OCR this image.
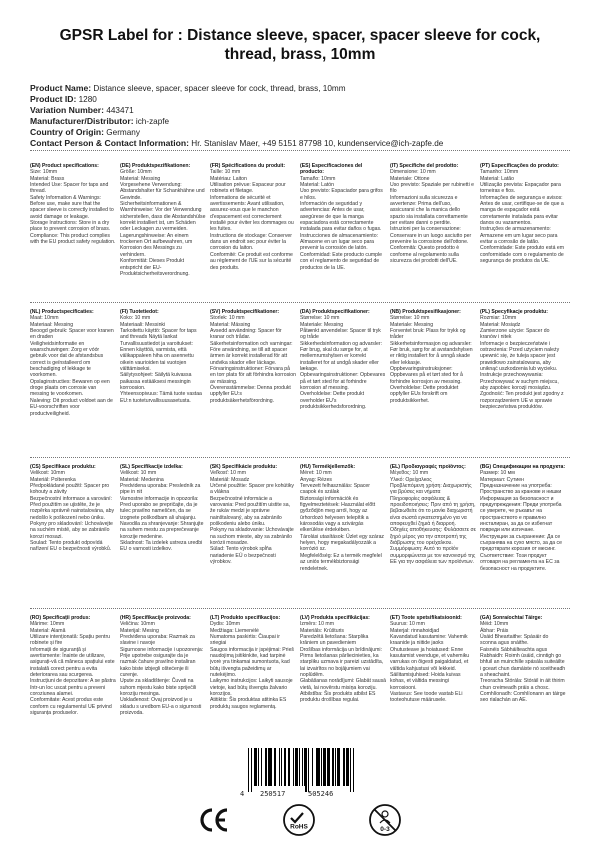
GPSR Label for : Distance sleeve, spacer, spacer sleeve for cock, thread, brass, 10mm
Product Name: Distance sleeve, spacer, spacer sleeve for cock, thread, brass, 10mm
Product ID: 1280
Variation Number: 443471
Manufacturer/Distributor: ich-zapfe
Country of Origin: Germany
Contact Person & Contact Information: Hr. Stanislav Maer, +49 5151 87798 10, kundenservice@ich-zapfe.de
(EN) Product specifications:
Size: 10mm
Material: Brass
Intended Use: Spacer for taps and thread.
Safety Information & Warnings: Before use, make sure that the spacer sleeve is correctly installed to avoid damage or leakage.
Storage Instructions: Store in a dry place to prevent corrosion of brass.
Compliance: This product complies with the EU product safety regulation.
(DE) Produktspezifikationen:
Größe: 10mm
Material: Messing
Vorgesehene Verwendung: Abstandshalter für Schankhähne und Gewinde.
Sicherheitsinformationen & Warnhinweise: Vor der Verwendung sicherstellen, dass die Abstandshülse korrekt installiert ist, um Schäden oder Leckagen zu vermeiden.
Lagerungshinweise: An einem trockenen Ort aufbewahren, um Korrosion des Messings zu verhindern.
Konformität: Dieses Produkt entspricht der EU-Produktsicherheitsverordnung.
(FR) Spécifications du produit:
Taille: 10 mm
Matériau: Laiton
Utilisation prévue: Espaceur pour robinets et filetage.
Informations de sécurité et avertissements: Avant utilisation, assurez-vous que le manchon d'espacement est correctement installé pour éviter les dommages ou les fuites.
Instructions de stockage: Conserver dans un endroit sec pour éviter la corrosion du laiton.
Conformité: Ce produit est conforme au règlement de l'UE sur la sécurité des produits.
(ES) Especificaciones del producto:
Tamaño: 10mm
Material: Latón
Uso previsto: Espaciador para grifos e hilos.
Información de seguridad y advertencias: Antes de usar, asegúrese de que la manga espaciadora está correctamente instalada para evitar daños o fugas.
Instrucciones de almacenamiento: Almacene en un lugar seco para prevenir la corrosión de latón.
Conformidad: Este producto cumple con el reglamento de seguridad de productos de la UE.
(IT) Specifiche del prodotto:
Dimensione: 10 mm
Materiale: Ottone
Uso previsto: Spaziale per rubinetti e filo
Informazioni sulla sicurezza e avvertenze: Prima dell'uso, assicurarsi che la manica dello spazio sia installata correttamente per evitare danni o perdite.
Istruzioni per la conservazione: Conservare in un luogo asciutto per prevenire la corrosione dell'ottone.
Conformità: Questo prodotto è conforme al regolamento sulla sicurezza dei prodotti dell'UE.
(PT) Especificações do produto:
Tamanho: 10mm
Material: Latão
Utilização prevista: Espaçador para torneiras e fios.
Informações de segurança e avisos: Antes de usar, certifique-se de que a manga de espaçador está corretamente instalada para evitar danos ou vazamentos.
Instruções de armazenamento: Armazene em um lugar seco para evitar a corrosão de latão.
Conformidade: Este produto está em conformidade com o regulamento de segurança de produtos da UE.
(NL) Productspecificaties:
Maat: 10mm
Materiaal: Messing
Beoogd gebruik: Spacer voor kranen en draden
Veiligheidsinformatie en waarschuwingen: Zorg er vóór gebruik voor dat de afstandsbus correct is geïnstalleerd om beschadiging of lekkage te voorkomen.
Opslaginstructies: Bewaren op een droge plaats om corrosie van messing te voorkomen.
Naleving: Dit product voldoet aan de EU-voorschriften voor productveiligheid.
(FI) Tuotetiedot:
Koko: 10 mm
Materiaali: Messinki
Tarkoitettu käyttö: Spacer for taps and threads Näytä lankat
Turvallisuustiedot ja varoitukset: Ennen käyttöä, varmista, että välikappaleen hiha on asennettu oikein vaurioiden tai vuotojen välttämiseksi.
Säilytysohjeet: Säilytä kuivassa paikassa estääksesi messingin korroosion.
Yhteensopivuus: Tämä tuote vastaa EU:n tuoteturvallisuusasetusta.
(SV) Produktspecifikationer:
Storlek: 10 mm
Material: Mässing
Avsedd användning: Spacer för kranar och trådar.
Säkerhetsinformation och varningar: Före användning, se till att spacer ärmen är korrekt installerad för att undvika skador eller läckage.
Förvaringsinstruktioner: Förvara på en torr plats för att förhindra korrosion av mässing.
Överensstämmelse: Denna produkt uppfyller EU:s produktsäkerhetsförordning.
(DA) Produktspecifikationer:
Størrelse: 10 mm
Materiale: Messing
Påtænkt anvendelse: Spacer til tryk og tråde
Sikkerhedsinformation og advarsler: Før brug, skal du sørge for, at mellemrumshylsen er korrekt installeret for at undgå skader eller lækage.
Opbevaringsinstruktioner: Opbevares på et tørt sted for at forhindre korrosion af messing.
Overholdelse: Dette produkt overholder EU's produktsikkerhedsforordning.
(NB) Produktspesifikasjoner:
Størrelse: 10 mm
Materiale: Messing
Forventet bruk: Plass for trykk og tråder
Sikkerhetsinformasjon og advarsler: Før bruk, sørg for at avstandshylsen er riktig installert for å unngå skade eller lekkasje.
Oppbevaringsinstruksjoner: Oppbevares på et tørt sted for å forhindre korrosjon av messing.
Overholdelse: Dette produktet oppfyller EUs forskrift om produktsikkerhet.
(PL) Specyfikacje produktu:
Rozmiar: 10mm
Materiał: Mosiądz
Zamierzone użycie: Spacer do kranów i nitek
Informacje o bezpieczeństwie i ostrzeżenia: Przed użyciem należy upewnić się, że tuleja spacer jest prawidłowo zainstalowana, aby uniknąć uszkodzenia lub wycieku.
Instrukcje przechowywania: Przechowywać w suchym miejscu, aby zapobiec korozji mosiądzu.
Zgodność: Ten produkt jest zgodny z rozporządzeniem UE w sprawie bezpieczeństwa produktów.
(CS) Specifikace produktu:
Velikost: 10mm
Materiál: Polterenka
Předpokládané použití: Spacer pro kohouty a závity
Bezpečnostní informace a varování: Před použitím se ujistěte, že je rozpěrka správně nainstalována, aby nedošlo k poškození nebo úniku.
Pokyny pro skladování: Uchovávejte na suchém místě, aby se zabránilo korozi mosazi.
Soulad: Tento produkt odpovídá nařízení EU o bezpečnosti výrobků.
(SL) Specifikacije izdelka:
Velikost: 10 mm
Material: Medenina
Predvidena uporaba: Presledník za pipe in nit
Varnostne informacije in opozorila: Pred uporabo se prepričajte, da je tulec pravilno nameščen, da se izognete poškodbam ali uhajanju.
Navodila za shranjevanje: Shranjujte na suhem mestu za preprečevanje korozije medenine.
Skladnost: Ta izdelek ustreza uredbi EU o varnosti izdelkov.
(SK) Špecifikácie produktu:
Veľkosť: 10 mm
Materiál: Mosadz
Určené použitie: Spacer pre kohútiky a vlákna
Bezpečnostné informácie a varovania: Pred použitím uistite sa, že rukáv medzi je správne nainštalovaný, aby sa zabránilo poškodeniu alebo úniku.
Pokyny na skladovanie: Uchovávajte na suchom mieste, aby sa zabránilo korózii mosadze.
Súlad: Tento výrobok spĺňa nariadenie EÚ o bezpečnosti výrobkov.
(HU) Termékjellemzők:
Méret: 10 mm
Anyag: Rézes
Tervezett felhasználás: Spacer csapok és szálak
Biztonsági információk és figyelmeztetések: Használat előtt győződjön meg arról, hogy az ûrhordozó helyesen telepítik a károsodás vagy a szivárgás elkerülése érdekében.
Tárolási utasítások: Üzlet egy száraz helyen, hogy megakadályozzák a korrózió sz.
Megfelelőség: Ez a termék megfelel az uniós termékbiztonsági rendeletnek.
(EL) Προδιαγραφές προϊόντος:
Μέγεθος: 10 mm
Υλικό: Ορείχαλκος
Προβλεπόμενη χρήση: Διαχωριστής για βρύσες και νήματα
Πληροφορίες ασφάλειας & προειδοποιήσεις: Πριν από τη χρήση, βεβαιωθείτε ότι το μανίκι διαχωριστή είναι σωστά εγκατεστημένο για να αποφευχθεί ζημιά ή διαρροή.
Οδηγίες αποθήκευσης: Φυλάσσετε σε ξηρό μέρος για την αποτροπή της διάβρωσης του ορείχαλκου.
Συμμόρφωση: Αυτό το προϊόν συμμορφώνεται με τον κανονισμό της ΕΕ για την ασφάλεια των προϊόντων.
(BG) Спецификации на продукта:
Размер: 10 мм
Материал: Сутиен
Предназначение на употреба: Пространство за кранове и нишки
Информация за безопасност и предупреждения: Преди употреба се уверете, че ръкавът на пространството е правилно инсталиран, за да се избегнат повреди или изтичане.
Инструкции за съхранение: Да се съхранява на сухо място, за да се предотврати корозия от месинг.
Съответствие: Този продукт отговаря на регламента на ЕС за безопасност на продуктите.
(RO) Specificații produs:
Mărime: 10mm
Material: Alamă
Utilizare intenționată: Spațiu pentru robinete și fire
Informații de siguranță și avertismente: Înainte de utilizare, asigurați-vă că mâneca spațiului este instalată corect pentru a evita deteriorarea sau scurgerea.
Instrucțiuni de depozitare: A se păstra într-un loc uscat pentru a preveni coroziunea alamei.
Conformitate: Acest produs este conform cu regulamentul UE privind siguranța produselor.
(HR) Specifikacije proizvoda:
Veličina: 10mm
Materijal: Mesing
Predviđena uporaba: Razmak za slavine i navoje
Sigurnosne informacije i upozorenja: Prije upotrebe osigurajte da je razmak čahure pravilno instaliran kako biste izbjegli oštećenje ili curenje.
Upute za skladištenje: Čuvati na suhom mjestu kako biste spriječili koroziju mesinga.
Usklađenost: Ovaj proizvod je u skladu s uredbom EU-a o sigurnosti proizvoda.
(LT) Produkto specifikacijos:
Dydis: 10mm
Medžiaga: Liemenėlė
Numatoma paskirtis: Čiaupai ir sriegiai
Saugos informacija ir įspėjimai: Prieš naudojimą įsitikinkite, kad tarpinė įvorė yra tinkamai sumontuota, kad būtų išvengta pažeidimų ar nutekėjimo.
Laikymo instrukcijos: Laikyti sausoje vietoje, kad būtų išvengta žalvario korozijos.
Atitiktis: Šis produktas atitinka ES produktų saugos reglamentą.
(LV) Produkta specifikācijas:
Izmērs: 10 mm
Materiāls: Krūšturis
Paredzētā lietošana: Starplika krāniem un pavedieniem
Drošības informācija un brīdinājumi: Pirms lietošanas pārliecinieties, ka starpliku uzmava ir pareizi uzstādīta, lai izvairītos no bojājumiem vai noplūdēm.
Glabāšanas norādījumi: Glabāt sausā vietā, lai novērstu misiņa koroziju.
Atbilstība: Šis produkts atbilst ES produktu drošības regulai.
(ET) Toote spetsifikatsioonid:
Suurus: 10 mm
Materjal: rinnahoidjad
Kavandatud kasutamine: Vahemik kraanide ja niitide jaoks
Ohutusteave ja hoiatused: Enne kasutamist veenduge, et vahemiku varrukas on õigesti paigaldatud, et vältida kahjustusi või lekkeid.
Säilitamisjuhised: Hoida kuivas kohas, et vältida messingi korrosiooni.
Vastavus: See toode vastab ELi tooteohutuse määrusele.
(GA) Sonraíochtaí Táirge:
Méid: 10mm
Ábhar: Práis
Úsáid Bheartaithe: Spásáir do sconna agus snáithe.
Faisnéis Sábháilteachta agus Rabhaidh: Roimh úsáid, cinntigh go bhfuil an muinchille spásála suiteáilte i gceart chun damáiste nó sceitheadh a sheachaint.
Treoracha Stórála: Stóráil in áit thirim chun creimeadh práis a chosc.
Comhlíonadh: Comhlíonann an táirge seo rialachán an AE.
4 250517	505246
RoHS	0-3
